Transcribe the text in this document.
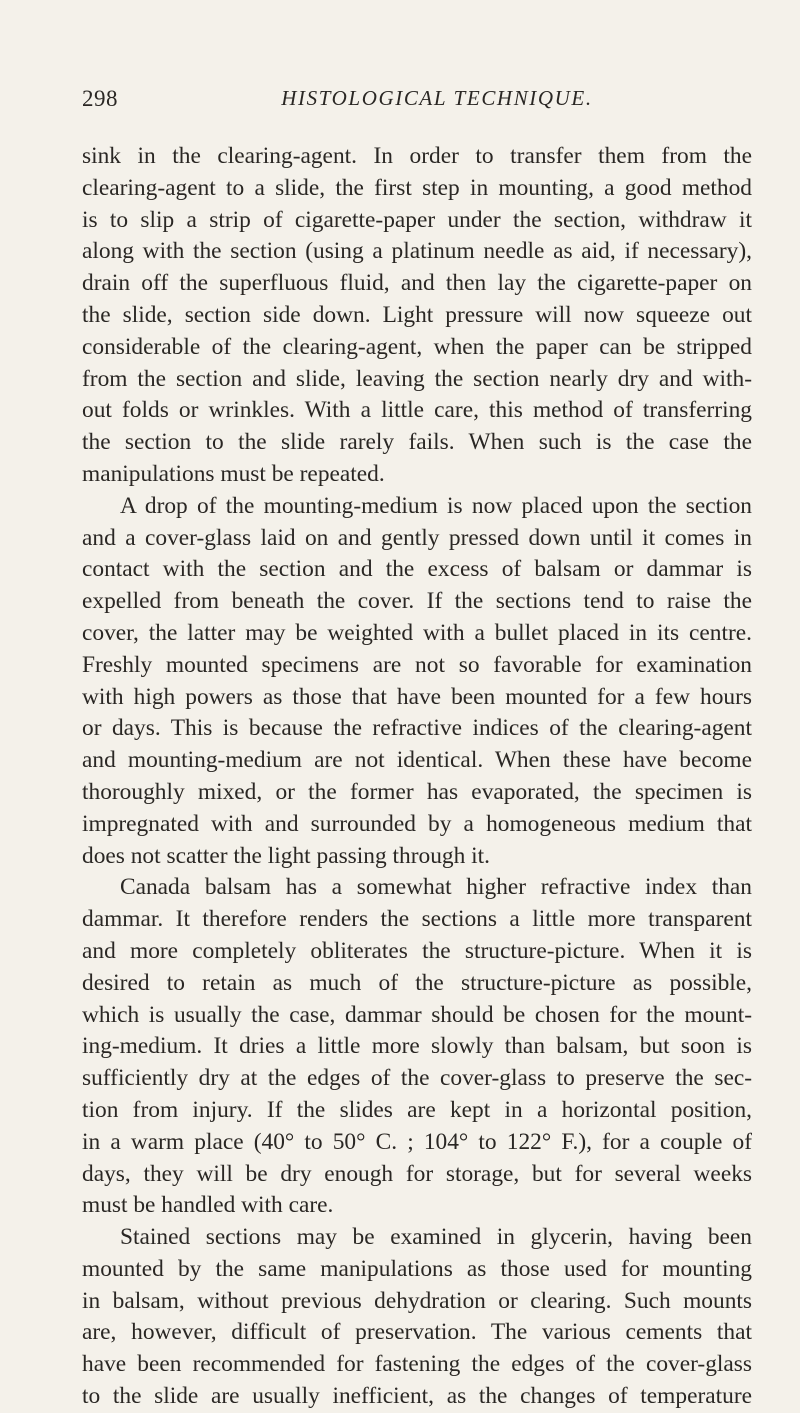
298	HISTOLOGICAL TECHNIQUE.
sink in the clearing-agent. In order to transfer them from the
clearing-agent to a slide, the first step in mounting, a good method
is to slip a strip of cigarette-paper under the section, withdraw it
along with the section (using a platinum needle as aid, if necessary),
drain off the superfluous fluid, and then lay the cigarette-paper on
the slide, section side down. Light pressure will now squeeze out
considerable of the clearing-agent, when the paper can be stripped
from the section and slide, leaving the section nearly dry and with-
out folds or wrinkles. With a little care, this method of transferring
the section to the slide rarely fails. When such is the case the
manipulations must be repeated.
A drop of the mounting-medium is now placed upon the section
and a cover-glass laid on and gently pressed down until it comes in
contact with the section and the excess of balsam or dammar is
expelled from beneath the cover. If the sections tend to raise the
cover, the latter may be weighted with a bullet placed in its centre.
Freshly mounted specimens are not so favorable for examination
with high powers as those that have been mounted for a few hours
or days. This is because the refractive indices of the clearing-agent
and mounting-medium are not identical. When these have become
thoroughly mixed, or the former has evaporated, the specimen is
impregnated with and surrounded by a homogeneous medium that
does not scatter the light passing through it.
Canada balsam has a somewhat higher refractive index than
dammar. It therefore renders the sections a little more transparent
and more completely obliterates the structure-picture. When it is
desired to retain as much of the structure-picture as possible,
which is usually the case, dammar should be chosen for the mount-
ing-medium. It dries a little more slowly than balsam, but soon is
sufficiently dry at the edges of the cover-glass to preserve the sec-
tion from injury. If the slides are kept in a horizontal position,
in a warm place (40° to 50° C. ; 104° to 122° F.), for a couple of
days, they will be dry enough for storage, but for several weeks
must be handled with care.
Stained sections may be examined in glycerin, having been
mounted by the same manipulations as those used for mounting
in balsam, without previous dehydration or clearing. Such mounts
are, however, difficult of preservation. The various cements that
have been recommended for fastening the edges of the cover-glass
to the slide are usually inefficient, as the changes of temperature
